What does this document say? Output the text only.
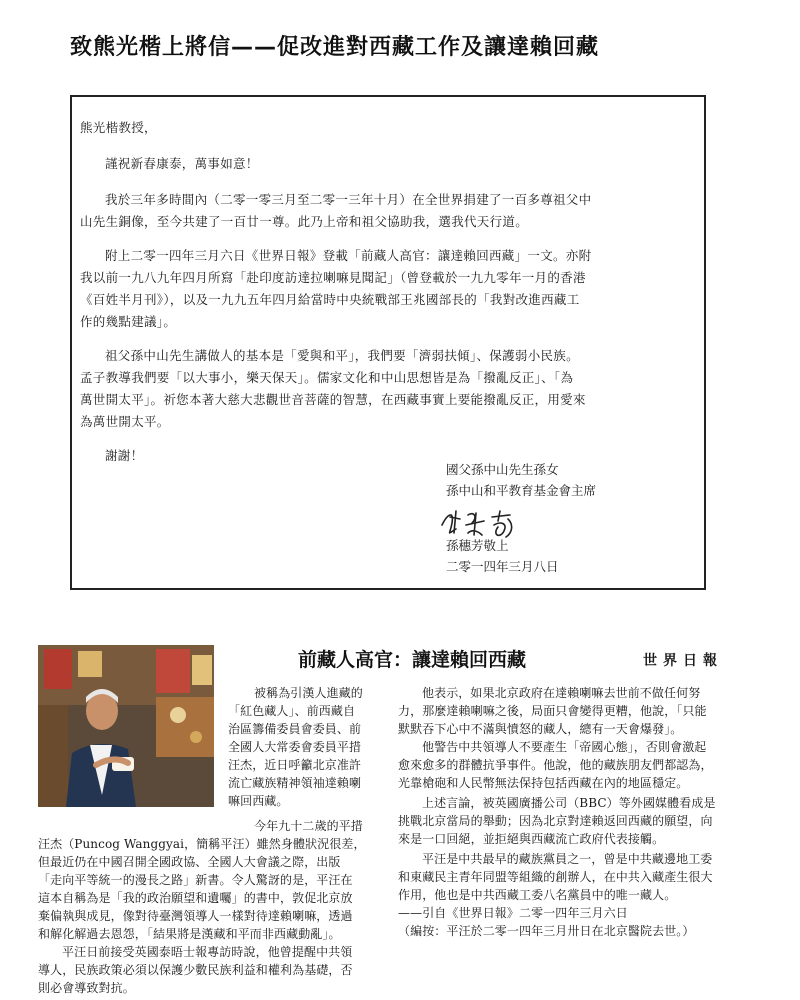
致熊光楷上將信——促改進對西藏工作及讓達賴回藏

熊光楷教授，

謹祝新春康泰，萬事如意！

我於三年多時間內（二零一零三月至二零一三年十月）在全世界捐建了一百多尊祖父中

山先生銅像，至今共建了一百廿一尊。此乃上帝和祖父協助我，選我代天行道。

附上二零一四年三月六日《世界日報》登載「前藏人高官：讓達賴回西藏」一文。亦附

我以前一九八九年四月所寫「赴印度訪達拉喇嘛見聞記」（曾登載於一九九零年一月的香港

《百姓半月刊》），以及一九九五年四月給當時中央統戰部王兆國部長的「我對改進西藏工

作的幾點建議」。

祖父孫中山先生講做人的基本是「愛與和平」，我們要「濟弱扶傾」、保護弱小民族。

孟子教導我們要「以大事小，樂天保天」。儒家文化和中山思想皆是為「撥亂反正」、「為

萬世開太平」。祈您本著大慈大悲觀世音菩薩的智慧，在西藏事實上要能撥亂反正，用愛來

為萬世開太平。

謝謝！

國父孫中山先生孫女

孫中山和平教育基金會主席

孫穗芳敬上

二零一四年三月八日

前藏人高官：讓達賴回西藏	世界日報

被稱為引漢人進藏的

「紅色藏人」、前西藏自

治區籌備委員會委員、前

全國人大常委會委員平措

汪杰，近日呼籲北京准許

流亡藏族精神領袖達賴喇

嘛回西藏。

今年九十二歲的平措

汪杰（Puncog Wanggyai，簡稱平汪）雖然身體狀況很差，

但最近仍在中國召開全國政協、全國人大會議之際，出版

「走向平等統一的漫長之路」新書。令人驚訝的是，平汪在

這本自稱為是「我的政治願望和遺囑」的書中，敦促北京放

棄偏執與成見，像對待臺灣領導人一樣對待達賴喇嘛，透過

和解化解過去恩怨，「結果將是漢藏和平而非西藏動亂」。

平汪日前接受英國泰晤士報專訪時說，他曾提醒中共領

導人，民族政策必須以保護少數民族利益和權利為基礎，否

則必會導致對抗。

他表示，如果北京政府在達賴喇嘛去世前不做任何努

力，那麼達賴喇嘛之後，局面只會變得更糟，他說，「只能

默默吞下心中不滿與憤怒的藏人，總有一天會爆發」。

他警告中共領導人不要產生「帝國心態」，否則會激起

愈來愈多的群體抗爭事件。他說，他的藏族朋友們都認為，

光靠槍砲和人民幣無法保持包括西藏在內的地區穩定。

上述言論，被英國廣播公司（BBC）等外國媒體看成是

挑戰北京當局的舉動；因為北京對達賴返回西藏的願望，向

來是一口回絕，並拒絕與西藏流亡政府代表接觸。

平汪是中共最早的藏族黨員之一，曾是中共藏邊地工委

和東藏民主青年同盟等組織的創辦人，在中共入藏產生很大

作用，他也是中共西藏工委八名黨員中的唯一藏人。

——引自《世界日報》二零一四年三月六日

（編按：平汪於二零一四年三月卅日在北京醫院去世。）
